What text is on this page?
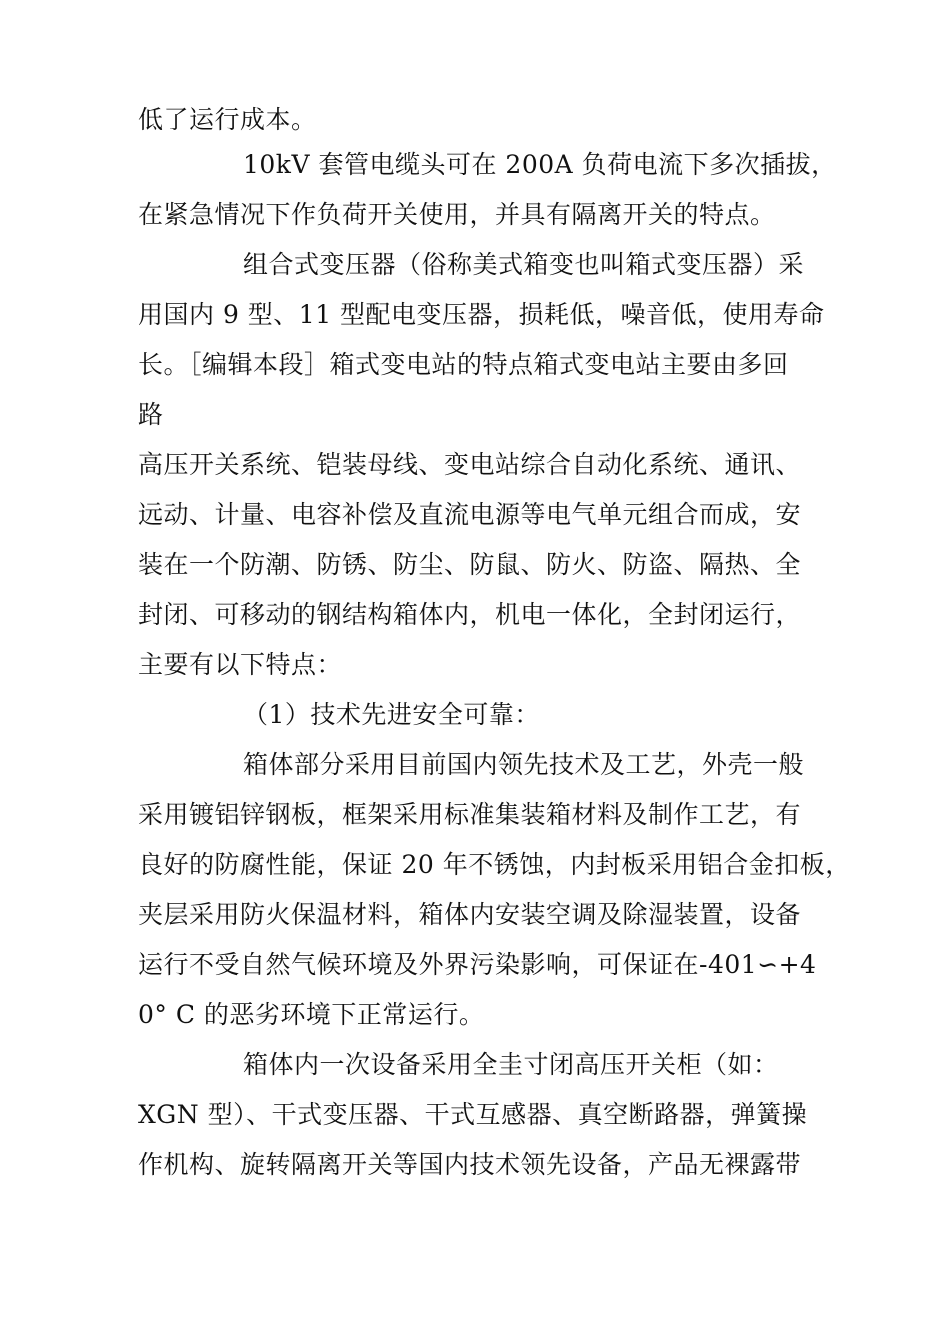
低了运行成本。
10kV 套管电缆头可在 200A 负荷电流下多次插拔，
在紧急情况下作负荷开关使用，并具有隔离开关的特点。
组合式变压器（俗称美式箱变也叫箱式变压器）采
用国内 9 型、11 型配电变压器，损耗低，噪音低，使用寿命
长。［编辑本段］箱式变电站的特点箱式变电站主要由多回
路
高压开关系统、铠装母线、变电站综合自动化系统、通讯、
远动、计量、电容补偿及直流电源等电气单元组合而成，安
装在一个防潮、防锈、防尘、防鼠、防火、防盗、隔热、全
封闭、可移动的钢结构箱体内，机电一体化，全封闭运行，
主要有以下特点：
（1）技术先进安全可靠：
箱体部分采用目前国内领先技术及工艺，外壳一般
采用镀铝锌钢板，框架采用标准集装箱材料及制作工艺，有
良好的防腐性能，保证 20 年不锈蚀，内封板采用铝合金扣板，
夹层采用防火保温材料，箱体内安装空调及除湿装置，设备
运行不受自然气候环境及外界污染影响，可保证在-401∽+4
0° C 的恶劣环境下正常运行。
箱体内一次设备采用全圭寸闭高压开关柜（如：
XGN 型）、干式变压器、干式互感器、真空断路器，弹簧操
作机构、旋转隔离开关等国内技术领先设备，产品无裸露带
